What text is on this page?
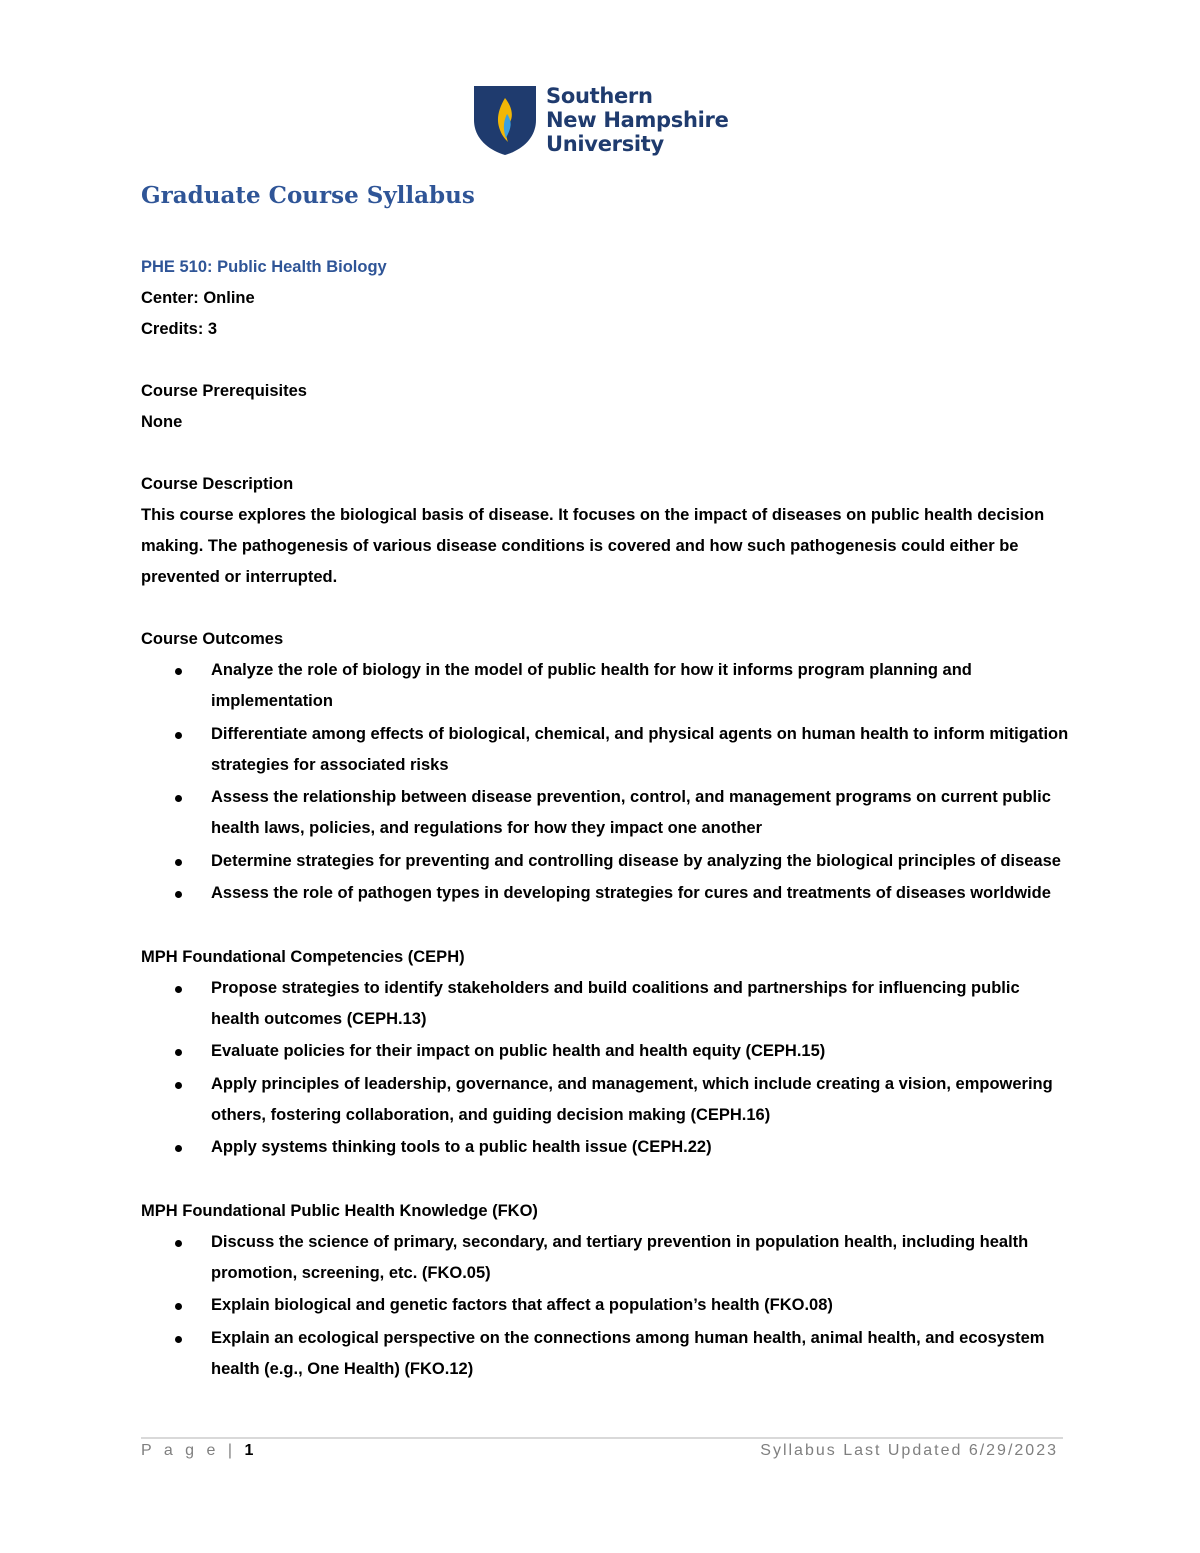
Southern
New Hampshire
University
Graduate Course Syllabus

PHE 510: Public Health Biology

Center: Online

Credits: 3

Course Prerequisites

None

Course Description

This course explores the biological basis of disease. It focuses on the impact of diseases on public health decision making. The pathogenesis of various disease conditions is covered and how such pathogenesis could either be prevented or interrupted.

Course Outcomes

Analyze the role of biology in the model of public health for how it informs program planning and implementation
Differentiate among effects of biological, chemical, and physical agents on human health to inform mitigation strategies for associated risks
Assess the relationship between disease prevention, control, and management programs on current public health laws, policies, and regulations for how they impact one another
Determine strategies for preventing and controlling disease by analyzing the biological principles of disease
Assess the role of pathogen types in developing strategies for cures and treatments of diseases worldwide

MPH Foundational Competencies (CEPH)

Propose strategies to identify stakeholders and build coalitions and partnerships for influencing public health outcomes (CEPH.13)
Evaluate policies for their impact on public health and health equity (CEPH.15)
Apply principles of leadership, governance, and management, which include creating a vision, empowering others, fostering collaboration, and guiding decision making (CEPH.16)
Apply systems thinking tools to a public health issue (CEPH.22)

MPH Foundational Public Health Knowledge (FKO)

Discuss the science of primary, secondary, and tertiary prevention in population health, including health promotion, screening, etc. (FKO.05)
Explain biological and genetic factors that affect a population’s health (FKO.08)
Explain an ecological perspective on the connections among human health, animal health, and ecosystem health (e.g., One Health) (FKO.12)
P a g e | 1	Syllabus Last Updated 6/29/2023
